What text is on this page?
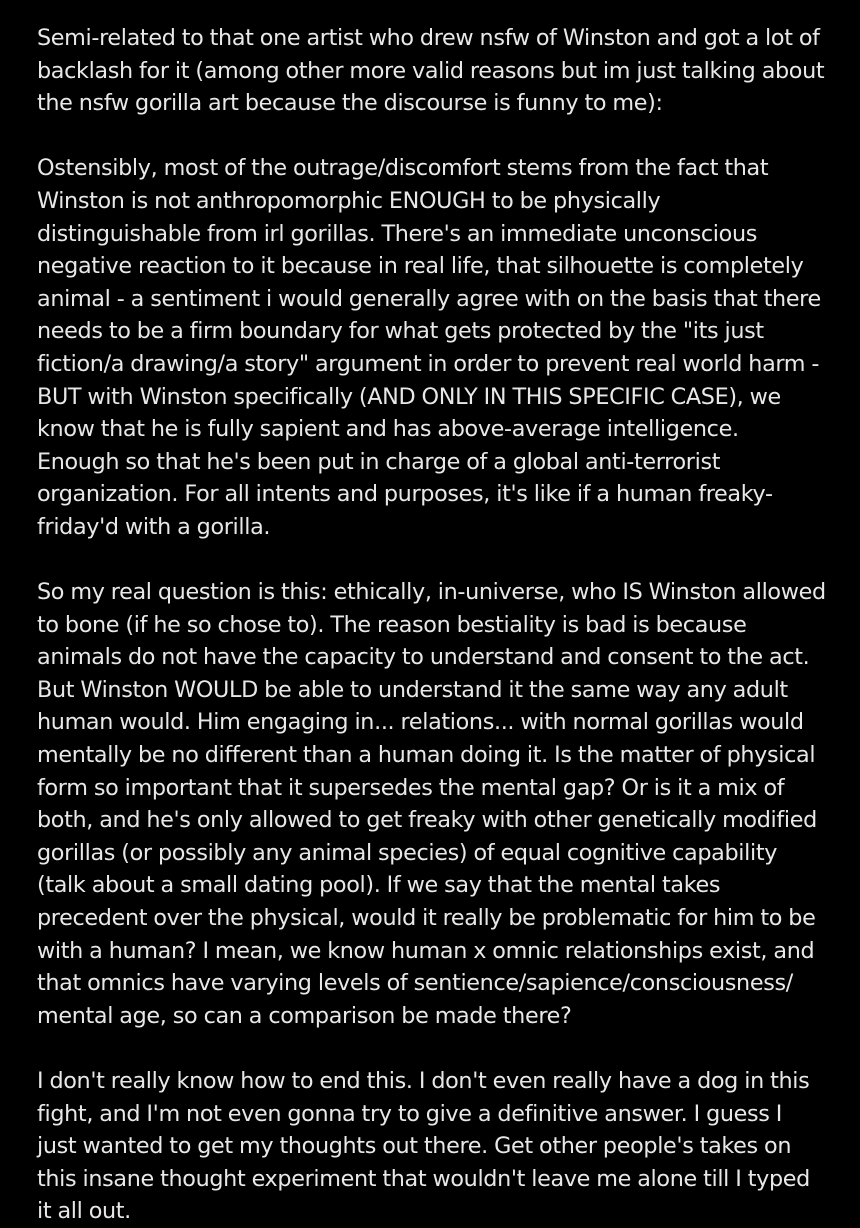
Semi-related to that one artist who drew nsfw of Winston and got a lot of backlash for it (among other more valid reasons but im just talking about the nsfw gorilla art because the discourse is funny to me):

Ostensibly, most of the outrage/discomfort stems from the fact that Winston is not anthropomorphic ENOUGH to be physically distinguishable from irl gorillas. There's an immediate unconscious negative reaction to it because in real life, that silhouette is completely animal - a sentiment i would generally agree with on the basis that there needs to be a firm boundary for what gets protected by the "its just fiction/a drawing/a story" argument in order to prevent real world harm - BUT with Winston specifically (AND ONLY IN THIS SPECIFIC CASE), we know that he is fully sapient and has above-average intelligence. Enough so that he's been put in charge of a global anti-terrorist organization. For all intents and purposes, it's like if a human freaky-friday'd with a gorilla.

So my real question is this: ethically, in-universe, who IS Winston allowed to bone (if he so chose to). The reason bestiality is bad is because animals do not have the capacity to understand and consent to the act. But Winston WOULD be able to understand it the same way any adult human would. Him engaging in... relations... with normal gorillas would mentally be no different than a human doing it. Is the matter of physical form so important that it supersedes the mental gap? Or is it a mix of both, and he's only allowed to get freaky with other genetically modified gorillas (or possibly any animal species) of equal cognitive capability (talk about a small dating pool). If we say that the mental takes precedent over the physical, would it really be problematic for him to be with a human? I mean, we know human x omnic relationships exist, and that omnics have varying levels of sentience/sapience/consciousness/ mental age, so can a comparison be made there?

I don't really know how to end this. I don't even really have a dog in this fight, and I'm not even gonna try to give a definitive answer. I guess I just wanted to get my thoughts out there. Get other people's takes on this insane thought experiment that wouldn't leave me alone till I typed it all out.
